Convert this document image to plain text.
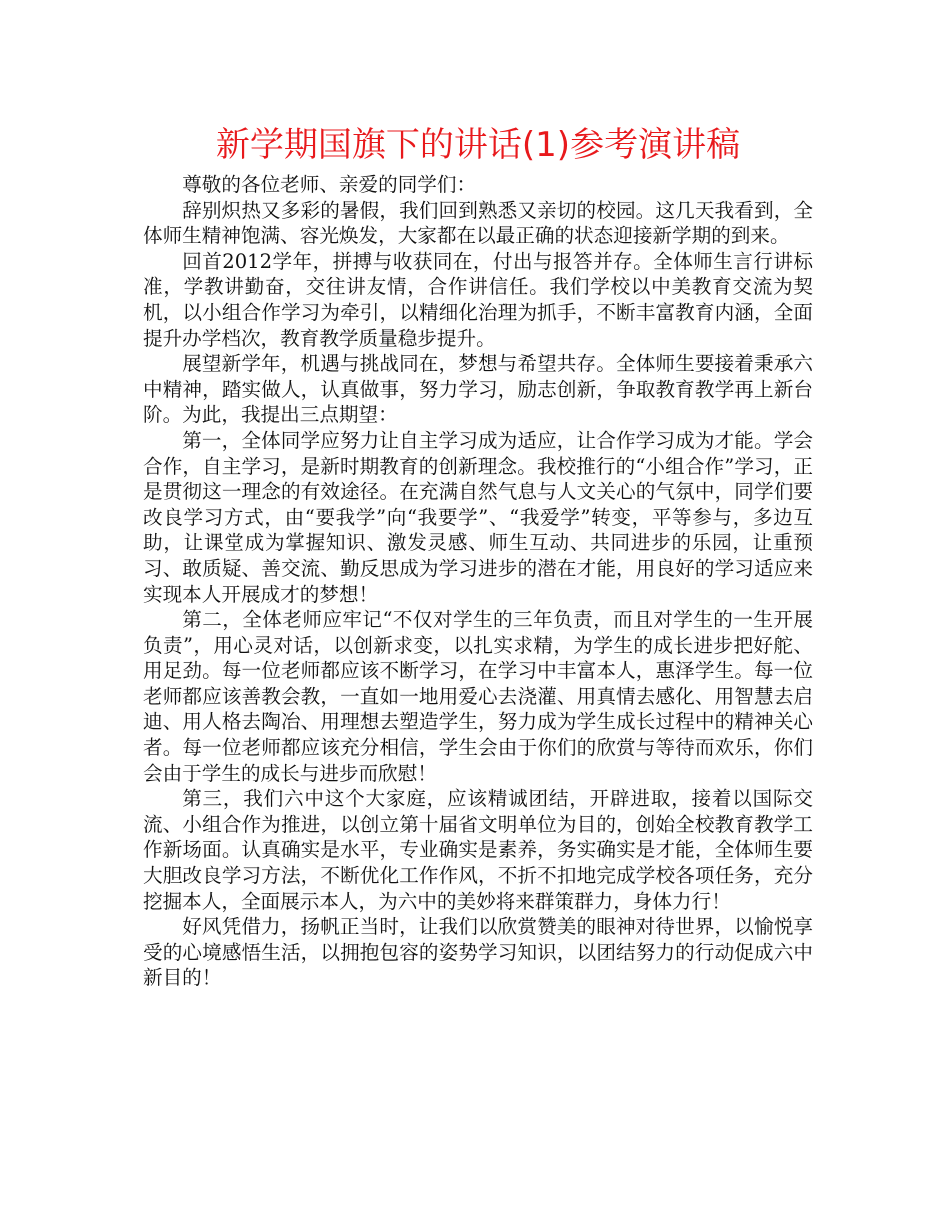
新学期国旗下的讲话(1)参考演讲稿

尊敬的各位老师、亲爱的同学们：

辞别炽热又多彩的暑假，我们回到熟悉又亲切的校园。这几天我看到，全体师生精神饱满、容光焕发，大家都在以最正确的状态迎接新学期的到来。

回首2012学年，拼搏与收获同在，付出与报答并存。全体师生言行讲标准，学教讲勤奋，交往讲友情，合作讲信任。我们学校以中美教育交流为契机，以小组合作学习为牵引，以精细化治理为抓手，不断丰富教育内涵，全面提升办学档次，教育教学质量稳步提升。

展望新学年，机遇与挑战同在，梦想与希望共存。全体师生要接着秉承六中精神，踏实做人，认真做事，努力学习，励志创新，争取教育教学再上新台阶。为此，我提出三点期望：

第一，全体同学应努力让自主学习成为适应，让合作学习成为才能。学会合作，自主学习，是新时期教育的创新理念。我校推行的“小组合作”学习，正是贯彻这一理念的有效途径。在充满自然气息与人文关心的气氛中，同学们要改良学习方式，由“要我学”向“我要学”、“我爱学”转变，平等参与，多边互助，让课堂成为掌握知识、激发灵感、师生互动、共同进步的乐园，让重预习、敢质疑、善交流、勤反思成为学习进步的潜在才能，用良好的学习适应来实现本人开展成才的梦想！

第二，全体老师应牢记“不仅对学生的三年负责，而且对学生的一生开展负责”，用心灵对话，以创新求变，以扎实求精，为学生的成长进步把好舵、用足劲。每一位老师都应该不断学习，在学习中丰富本人，惠泽学生。每一位老师都应该善教会教，一直如一地用爱心去浇灌、用真情去感化、用智慧去启迪、用人格去陶冶、用理想去塑造学生，努力成为学生成长过程中的精神关心者。每一位老师都应该充分相信，学生会由于你们的欣赏与等待而欢乐，你们会由于学生的成长与进步而欣慰！

第三，我们六中这个大家庭，应该精诚团结，开辟进取，接着以国际交流、小组合作为推进，以创立第十届省文明单位为目的，创始全校教育教学工作新场面。认真确实是水平，专业确实是素养，务实确实是才能，全体师生要大胆改良学习方法，不断优化工作作风，不折不扣地完成学校各项任务，充分挖掘本人，全面展示本人，为六中的美妙将来群策群力，身体力行！

好风凭借力，扬帆正当时，让我们以欣赏赞美的眼神对待世界，以愉悦享受的心境感悟生活，以拥抱包容的姿势学习知识，以团结努力的行动促成六中新目的！
